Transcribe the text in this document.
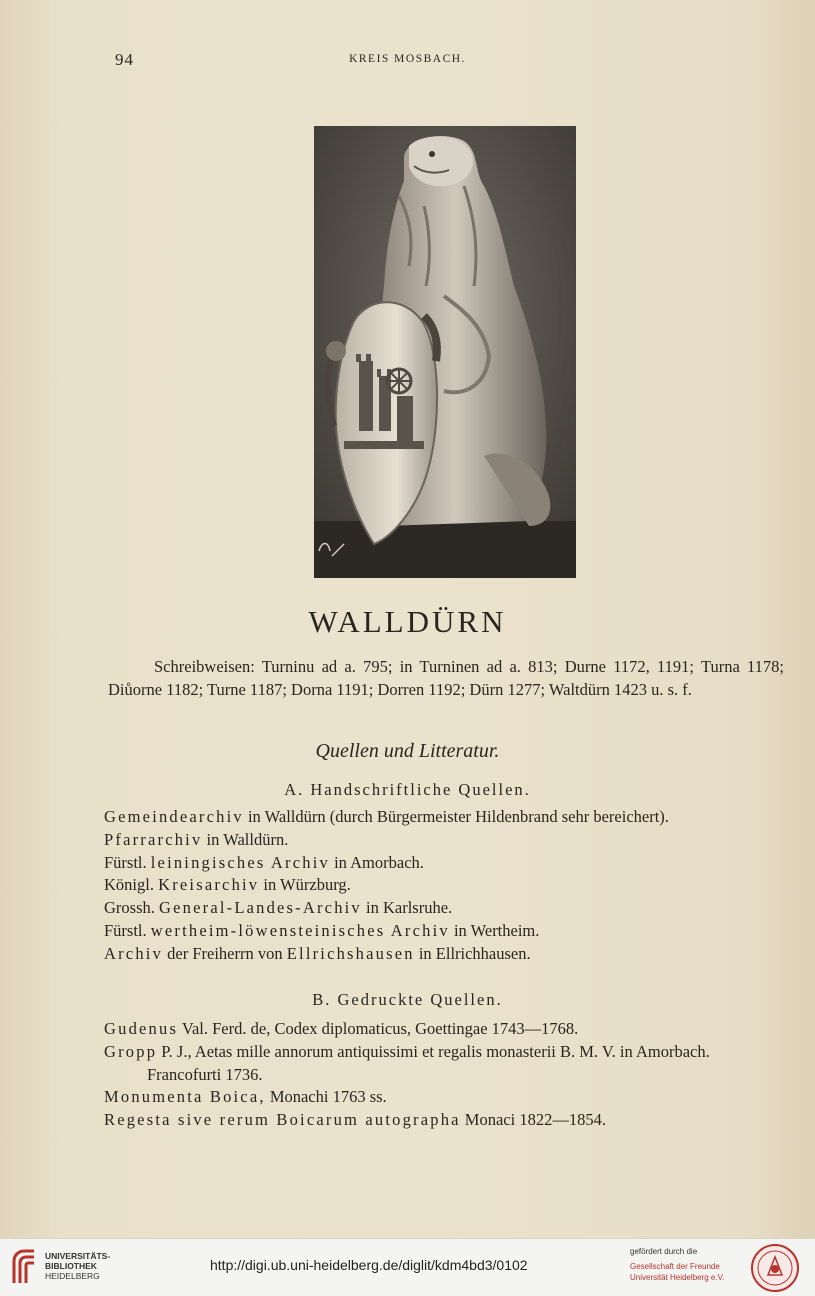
94	KREIS MOSBACH.
WALLDÜRN

Schreibweisen: Turninu ad a. 795; in Turninen ad a. 813; Durne 1172, 1191; Turna 1178; Diůorne 1182; Turne 1187; Dorna 1191; Dorren 1192; Dürn 1277; Waltdürn 1423 u. s. f.

Quellen und Litteratur.
A. Handschriftliche Quellen.
Gemeindearchiv in Walldürn (durch Bürgermeister Hildenbrand sehr bereichert).
Pfarrarchiv in Walldürn.
Fürstl. leiningisches Archiv in Amorbach.
Königl. Kreisarchiv in Würzburg.
Grossh. General-Landes-Archiv in Karlsruhe.
Fürstl. wertheim-löwensteinisches Archiv in Wertheim.
Archiv der Freiherrn von Ellrichshausen in Ellrichhausen.
B. Gedruckte Quellen.
Gudenus Val. Ferd. de, Codex diplomaticus, Goettingae 1743—1768.
Gropp P. J., Aetas mille annorum antiquissimi et regalis monasterii B. M. V. in Amorbach. Francofurti 1736.
Monumenta Boica, Monachi 1763 ss.
Regesta sive rerum Boicarum autographa Monaci 1822—1854.
UNIVERSITÄTS-
BIBLIOTHEK
HEIDELBERG
http://digi.ub.uni-heidelberg.de/diglit/kdm4bd3/0102
gefördert durch die
Gesellschaft der Freunde
Universität Heidelberg e.V.
